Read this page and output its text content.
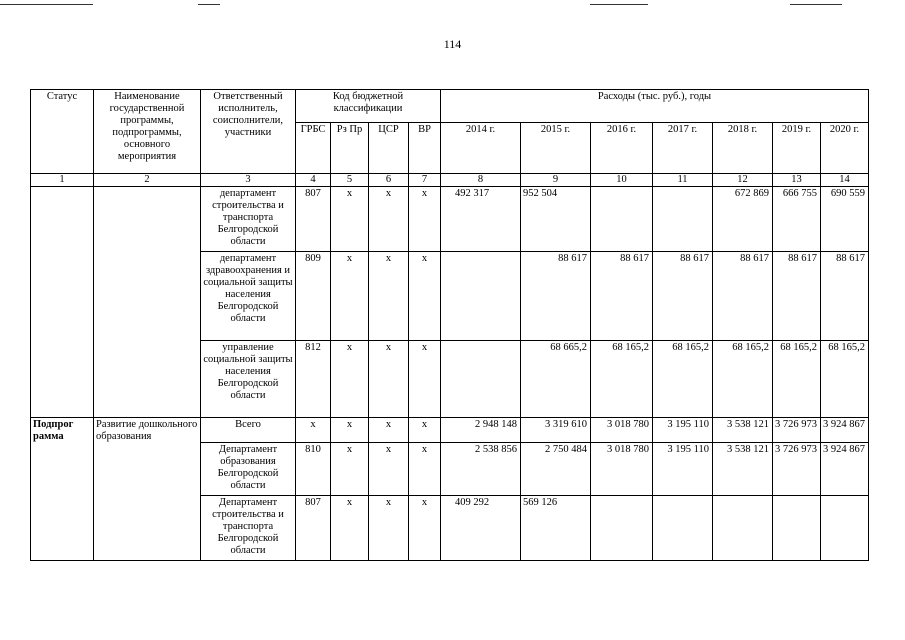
114
Статус	Наименование государственной программы, подпрограммы, основного мероприятия	Ответственный исполнитель, соисполнители, участники	Код бюджетной классификации				Расходы (тыс. руб.), годы						
			ГРБС	Рз Пр	ЦСР	ВР	2014 г.	2015 г.	2016 г.	2017 г.	2018 г.	2019 г.	2020 г.
1	2	3	4	5	6	7	8	9	10	11	12	13	14
		департамент строительства и транспорта Белгородской области	807	x	x	x	492 317	952 504			672 869	666 755	690 559
		департамент здравоохранения и социальной защиты населения Белгородской области	809	x	x	x		88 617	88 617	88 617	88 617	88 617	88 617
		управление социальной защиты населения Белгородской области	812	x	x	x		68 665,2	68 165,2	68 165,2	68 165,2	68 165,2	68 165,2
Подпрог рамма	Развитие дошкольного образования	Всего	x	x	x	x	2 948 148	3 319 610	3 018 780	3 195 110	3 538 121	3 726 973	3 924 867
		Департамент образования Белгородской области	810	x	x	x	2 538 856	2 750 484	3 018 780	3 195 110	3 538 121	3 726 973	3 924 867
		Департамент строительства и транспорта Белгородской области	807	x	x	x	409 292	569 126					
